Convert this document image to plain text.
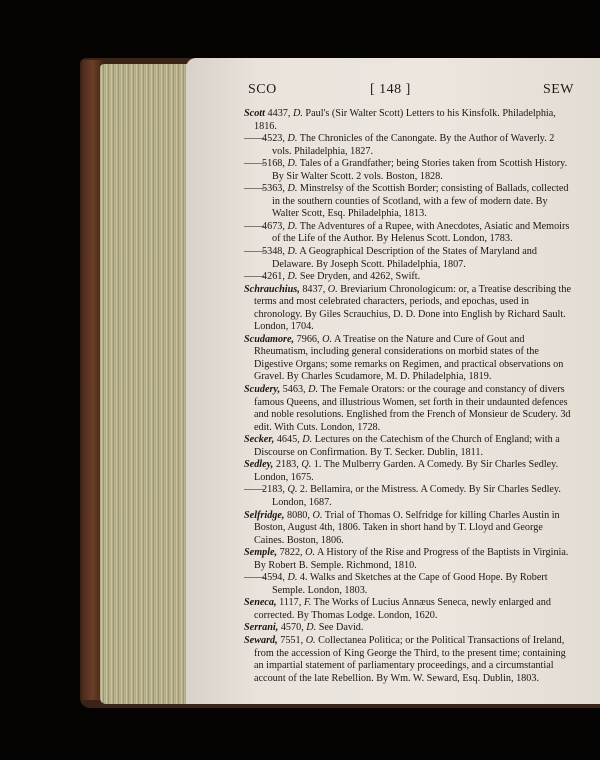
SCO	[ 148 ]	SEW

Scott 4437, D. Paul's (Sir Walter Scott) Letters to his Kinsfolk. Philadelphia, 1816.

——4523, D. The Chronicles of the Canongate. By the Author of Waverly. 2 vols. Philadelphia, 1827.

——5168, D. Tales of a Grandfather; being Stories taken from Scottish History. By Sir Walter Scott. 2 vols. Boston, 1828.

——5363, D. Minstrelsy of the Scottish Border; consisting of Ballads, collected in the southern counties of Scotland, with a few of modern date. By Walter Scott, Esq. Philadelphia, 1813.

——4673, D. The Adventures of a Rupee, with Anecdotes, Asiatic and Memoirs of the Life of the Author. By Helenus Scott. London, 1783.

——5348, D. A Geographical Description of the States of Maryland and Delaware. By Joseph Scott. Philadelphia, 1807.

——4261, D. See Dryden, and 4262, Swift.

Schrauchius, 8437, O. Breviarium Chronologicum: or, a Treatise describing the terms and most celebrated characters, periods, and epochas, used in chronology. By Giles Scrauchius, D. D. Done into English by Richard Sault. London, 1704.

Scudamore, 7966, O. A Treatise on the Nature and Cure of Gout and Rheumatism, including general considerations on morbid states of the Digestive Organs; some remarks on Regimen, and practical observations on Gravel. By Charles Scudamore, M. D. Philadelphia, 1819.

Scudery, 5463, D. The Female Orators: or the courage and constancy of divers famous Queens, and illustrious Women, set forth in their undaunted defences and noble resolutions. Englished from the French of Monsieur de Scudery. 3d edit. With Cuts. London, 1728.

Secker, 4645, D. Lectures on the Catechism of the Church of England; with a Discourse on Confirmation. By T. Secker. Dublin, 1811.

Sedley, 2183, Q. 1. The Mulberry Garden. A Comedy. By Sir Charles Sedley. London, 1675.

——2183, Q. 2. Bellamira, or the Mistress. A Comedy. By Sir Charles Sedley. London, 1687.

Selfridge, 8080, O. Trial of Thomas O. Selfridge for killing Charles Austin in Boston, August 4th, 1806. Taken in short hand by T. Lloyd and George Caines. Boston, 1806.

Semple, 7822, O. A History of the Rise and Progress of the Baptists in Virginia. By Robert B. Semple. Richmond, 1810.

——4594, D. 4. Walks and Sketches at the Cape of Good Hope. By Robert Semple. London, 1803.

Seneca, 1117, F. The Works of Lucius Annæus Seneca, newly enlarged and corrected. By Thomas Lodge. London, 1620.

Serrani, 4570, D. See David.

Seward, 7551, O. Collectanea Politica; or the Political Transactions of Ireland, from the accession of King George the Third, to the present time; containing an impartial statement of parliamentary proceedings, and a circumstantial account of the late Rebellion. By Wm. W. Seward, Esq. Dublin, 1803.
